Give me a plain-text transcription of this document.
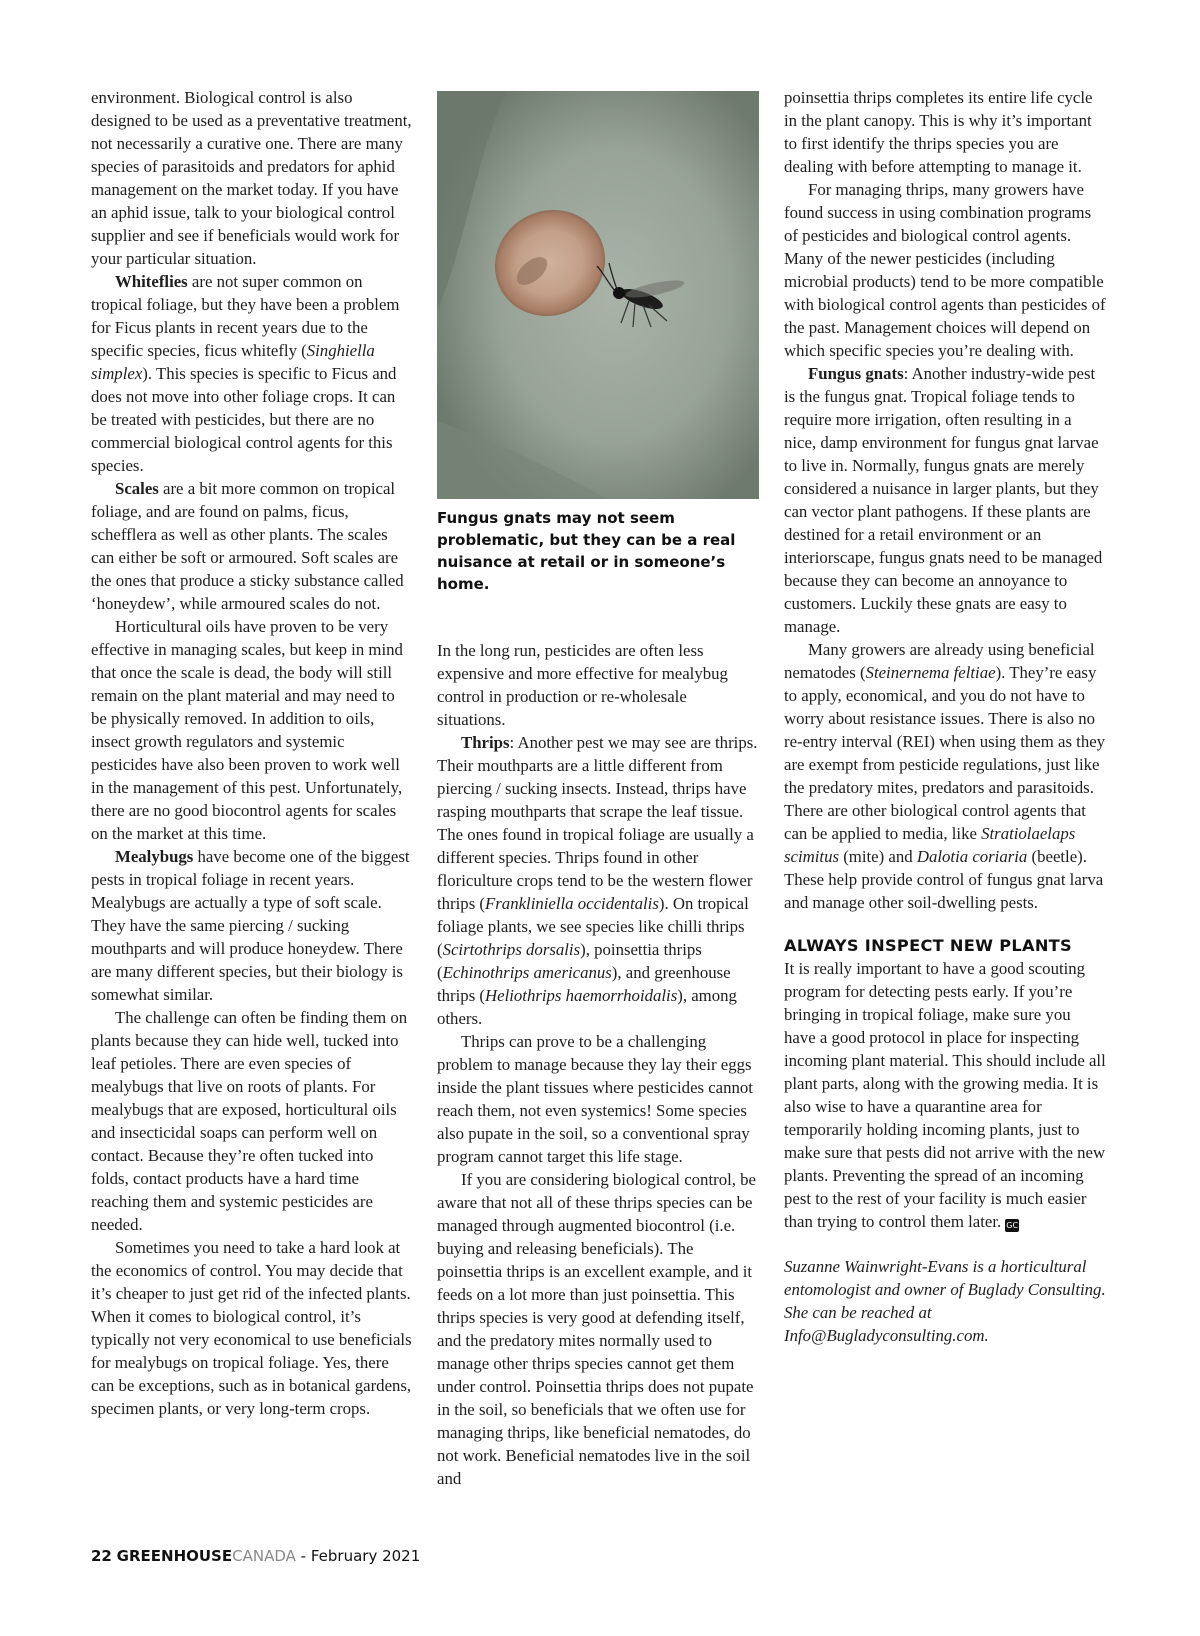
environment. Biological control is also designed to be used as a preventative treatment, not necessarily a curative one. There are many species of parasitoids and predators for aphid management on the market today. If you have an aphid issue, talk to your biological control supplier and see if beneficials would work for your particular situation.

Whiteflies are not super common on tropical foliage, but they have been a problem for Ficus plants in recent years due to the specific species, ficus whitefly (Singhiella simplex). This species is specific to Ficus and does not move into other foliage crops. It can be treated with pesticides, but there are no commercial biological control agents for this species.

Scales are a bit more common on tropical foliage, and are found on palms, ficus, schefflera as well as other plants. The scales can either be soft or armoured. Soft scales are the ones that produce a sticky substance called ‘honeydew’, while armoured scales do not.

Horticultural oils have proven to be very effective in managing scales, but keep in mind that once the scale is dead, the body will still remain on the plant material and may need to be physically removed. In addition to oils, insect growth regulators and systemic pesticides have also been proven to work well in the management of this pest. Unfortunately, there are no good biocontrol agents for scales on the market at this time.

Mealybugs have become one of the biggest pests in tropical foliage in recent years. Mealybugs are actually a type of soft scale. They have the same piercing / sucking mouthparts and will produce honeydew. There are many different species, but their biology is somewhat similar.

The challenge can often be finding them on plants because they can hide well, tucked into leaf petioles. There are even species of mealybugs that live on roots of plants. For mealybugs that are exposed, horticultural oils and insecticidal soaps can perform well on contact. Because they’re often tucked into folds, contact products have a hard time reaching them and systemic pesticides are needed.

Sometimes you need to take a hard look at the economics of control. You may decide that it’s cheaper to just get rid of the infected plants. When it comes to biological control, it’s typically not very economical to use beneficials for mealybugs on tropical foliage. Yes, there can be exceptions, such as in botanical gardens, specimen plants, or very long-term crops.

Fungus gnats may not seem problematic, but they can be a real nuisance at retail or in someone’s home.

In the long run, pesticides are often less expensive and more effective for mealybug control in production or re-wholesale situations.

Thrips: Another pest we may see are thrips. Their mouthparts are a little different from piercing / sucking insects. Instead, thrips have rasping mouthparts that scrape the leaf tissue. The ones found in tropical foliage are usually a different species. Thrips found in other floriculture crops tend to be the western flower thrips (Frankliniella occidentalis). On tropical foliage plants, we see species like chilli thrips (Scirtothrips dorsalis), poinsettia thrips (Echinothrips americanus), and greenhouse thrips (Heliothrips haemorrhoidalis), among others.

Thrips can prove to be a challenging problem to manage because they lay their eggs inside the plant tissues where pesticides cannot reach them, not even systemics! Some species also pupate in the soil, so a conventional spray program cannot target this life stage.

If you are considering biological control, be aware that not all of these thrips species can be managed through augmented biocontrol (i.e. buying and releasing beneficials). The poinsettia thrips is an excellent example, and it feeds on a lot more than just poinsettia. This thrips species is very good at defending itself, and the predatory mites normally used to manage other thrips species cannot get them under control. Poinsettia thrips does not pupate in the soil, so beneficials that we often use for managing thrips, like beneficial nematodes, do not work. Beneficial nematodes live in the soil and

poinsettia thrips completes its entire life cycle in the plant canopy. This is why it’s important to first identify the thrips species you are dealing with before attempting to manage it.

For managing thrips, many growers have found success in using combination programs of pesticides and biological control agents. Many of the newer pesticides (including microbial products) tend to be more compatible with biological control agents than pesticides of the past. Management choices will depend on which specific species you’re dealing with.

Fungus gnats: Another industry-wide pest is the fungus gnat. Tropical foliage tends to require more irrigation, often resulting in a nice, damp environment for fungus gnat larvae to live in. Normally, fungus gnats are merely considered a nuisance in larger plants, but they can vector plant pathogens. If these plants are destined for a retail environment or an interiorscape, fungus gnats need to be managed because they can become an annoyance to customers. Luckily these gnats are easy to manage.

Many growers are already using beneficial nematodes (Steinernema feltiae). They’re easy to apply, economical, and you do not have to worry about resistance issues. There is also no re-entry interval (REI) when using them as they are exempt from pesticide regulations, just like the predatory mites, predators and parasitoids. There are other biological control agents that can be applied to media, like Stratiolaelaps scimitus (mite) and Dalotia coriaria (beetle). These help provide control of fungus gnat larva and manage other soil-dwelling pests.

ALWAYS INSPECT NEW PLANTS

It is really important to have a good scouting program for detecting pests early. If you’re bringing in tropical foliage, make sure you have a good protocol in place for inspecting incoming plant material. This should include all plant parts, along with the growing media. It is also wise to have a quarantine area for temporarily holding incoming plants, just to make sure that pests did not arrive with the new plants. Preventing the spread of an incoming pest to the rest of your facility is much easier than trying to control them later. GC

Suzanne Wainwright-Evans is a horticultural entomologist and owner of Buglady Consulting. She can be reached at Info@Bugladyconsulting.com.
22 GREENHOUSECANADA - February 2021
